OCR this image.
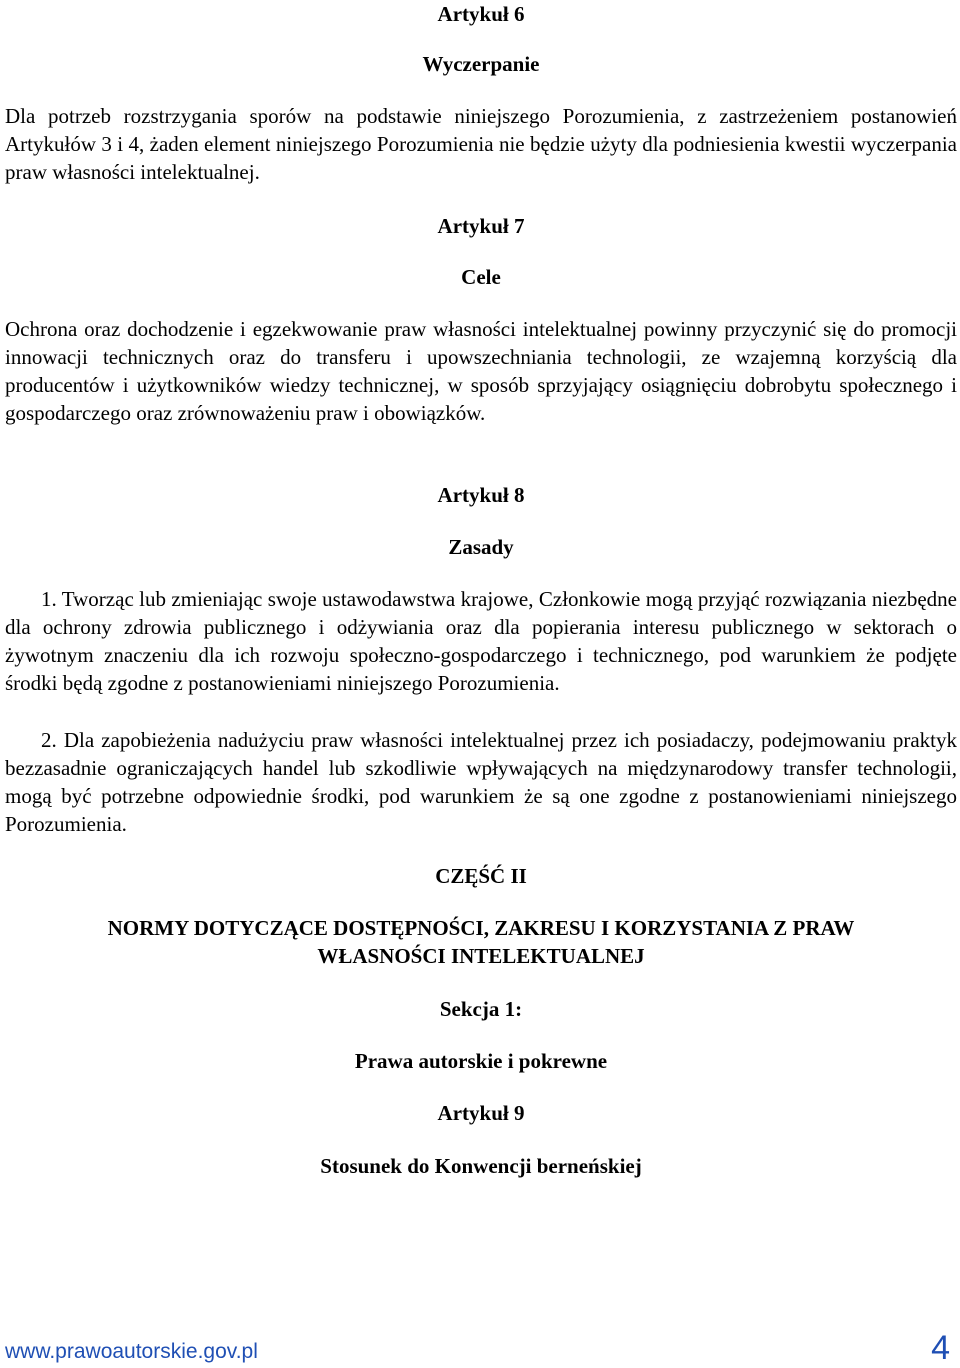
Artykuł 6

Wyczerpanie

Dla potrzeb rozstrzygania sporów na podstawie niniejszego Porozumienia, z zastrzeżeniem postanowień Artykułów 3 i 4, żaden element niniejszego Porozumienia nie będzie użyty dla podniesienia kwestii wyczerpania praw własności intelektualnej.

Artykuł 7

Cele

Ochrona oraz dochodzenie i egzekwowanie praw własności intelektualnej powinny przyczynić się do promocji innowacji technicznych oraz do transferu i upowszechniania technologii, ze wzajemną korzyścią dla producentów i użytkowników wiedzy technicznej, w sposób sprzyjający osiągnięciu dobrobytu społecznego i gospodarczego oraz zrównoważeniu praw i obowiązków.

Artykuł 8

Zasady

1. Tworząc lub zmieniając swoje ustawodawstwa krajowe, Członkowie mogą przyjąć rozwiązania niezbędne dla ochrony zdrowia publicznego i odżywiania oraz dla popierania interesu publicznego w sektorach o żywotnym znaczeniu dla ich rozwoju społeczno-gospodarczego i technicznego, pod warunkiem że podjęte środki będą zgodne z postanowieniami niniejszego Porozumienia.

2. Dla zapobieżenia nadużyciu praw własności intelektualnej przez ich posiadaczy, podejmowaniu praktyk bezzasadnie ograniczających handel lub szkodliwie wpływających na międzynarodowy transfer technologii, mogą być potrzebne odpowiednie środki, pod warunkiem że są one zgodne z postanowieniami niniejszego Porozumienia.

CZĘŚĆ II

NORMY DOTYCZĄCE DOSTĘPNOŚCI, ZAKRESU I KORZYSTANIA Z PRAW

WŁASNOŚCI INTELEKTUALNEJ

Sekcja 1:

Prawa autorskie i pokrewne

Artykuł 9

Stosunek do Konwencji berneńskiej

www.prawoautorskie.gov.pl	4
